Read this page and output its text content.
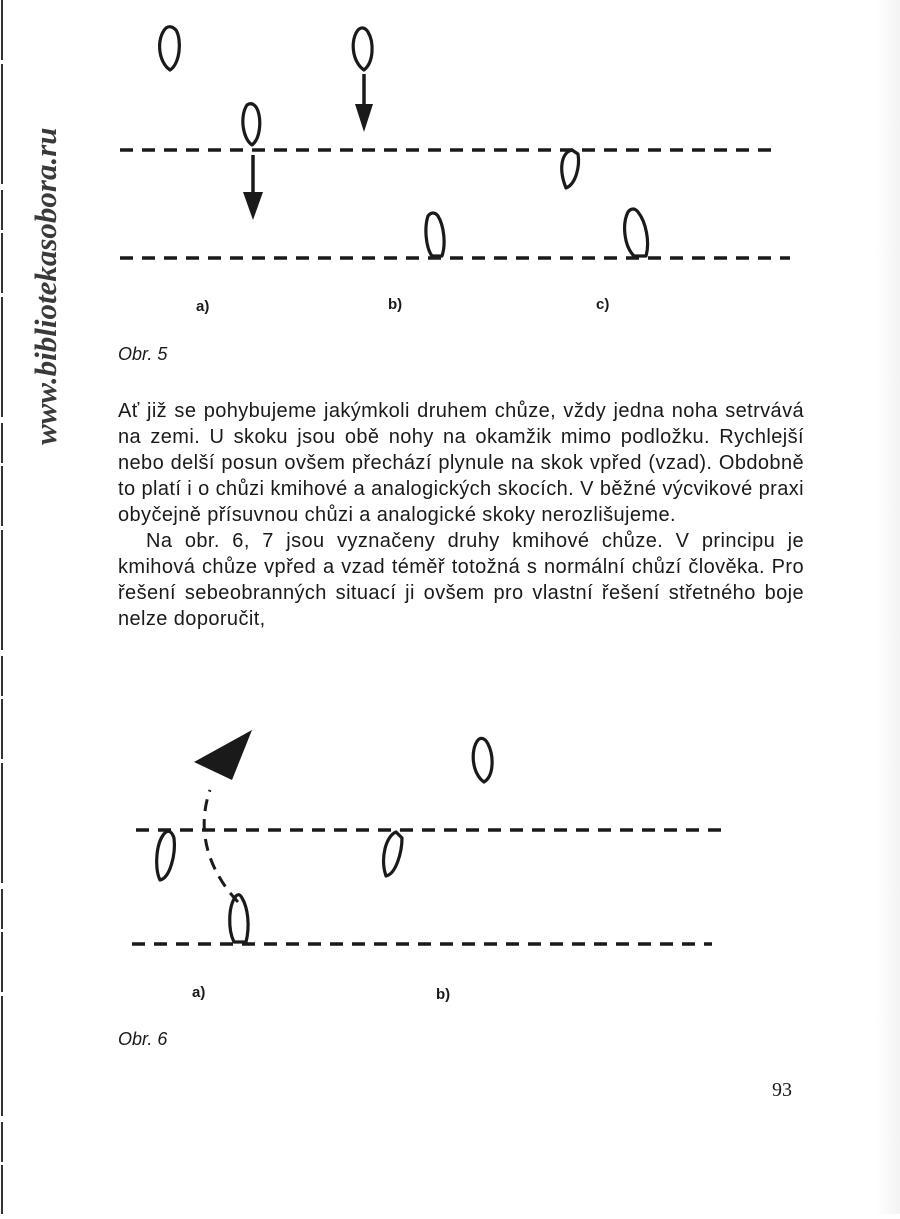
www.bibliotekasobora.ru	a)	b)	c)
Obr. 5

Ať již se pohybujeme jakýmkoli druhem chůze, vždy jedna noha setrvává na zemi. U skoku jsou obě nohy na okamžik mimo podložku. Rychlejší nebo delší posun ovšem přechází plynule na skok vpřed (vzad). Obdobně to platí i o chůzi kmihové a analogických skocích. V běžné výcvikové praxi obyčejně přísuvnou chůzi a analogické skoky nerozlišujeme.

Na obr. 6, 7 jsou vyznačeny druhy kmihové chůze. V principu je kmihová chůze vpřed a vzad téměř totožná s normální chůzí člověka. Pro řešení sebeobranných situací ji ovšem pro vlastní řešení střetného boje nelze doporučit,

a)	b)
Obr. 6
93
